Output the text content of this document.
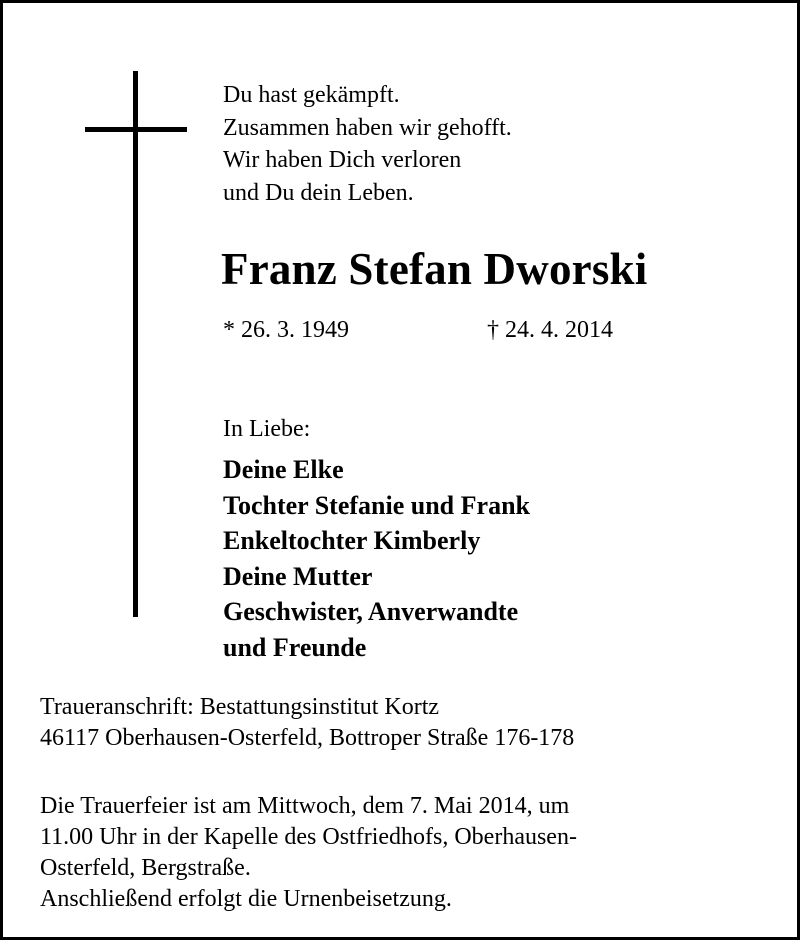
Du hast gekämpft.
Zusammen haben wir gehofft.
Wir haben Dich verloren
und Du dein Leben.
Franz Stefan Dworski
* 26. 3. 1949	† 24. 4. 2014
In Liebe:
Deine Elke
Tochter Stefanie und Frank
Enkeltochter Kimberly
Deine Mutter
Geschwister, Anverwandte
und Freunde
Traueranschrift: Bestattungsinstitut Kortz
46117 Oberhausen-Osterfeld, Bottroper Straße 176-178
Die Trauerfeier ist am Mittwoch, dem 7. Mai 2014, um
11.00 Uhr in der Kapelle des Ostfriedhofs, Oberhausen-
Osterfeld, Bergstraße.
Anschließend erfolgt die Urnenbeisetzung.
